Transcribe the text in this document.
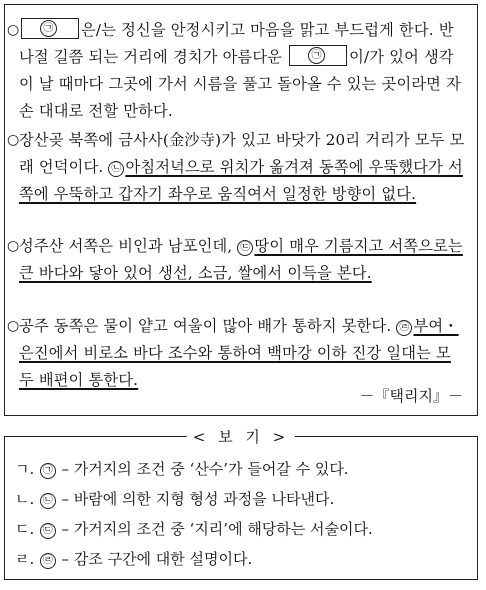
○	㉠ 은/는 정신을 안정시키고 마음을 맑고 부드럽게 한다. 반나절 길쯤 되는 거리에 경치가 아름다운	㉠ 이/가 있어 생각이 날 때마다 그곳에 가서 시름을 풀고 돌아올 수 있는 곳이라면 자손 대대로 전할 만하다.

○ 장산곶 북쪽에 금사사(金沙寺)가 있고 바닷가 20리 거리가 모두 모래 언덕이다. ㉡ 아침저녁으로 위치가 옮겨져 동쪽에 우뚝했다가 서쪽에 우뚝하고 갑자기 좌우로 움직여서 일정한 방향이 없다.

○ 성주산 서쪽은 비인과 남포인데, ㉢ 땅이 매우 기름지고 서쪽으로는 큰 바다와 닿아 있어 생선, 소금, 쌀에서 이득을 본다.

○ 공주 동쪽은 물이 얕고 여울이 많아 배가 통하지 못한다. ㉣ 부여・은진에서 비로소 바다 조수와 통하여 백마강 이하 진강 일대는 모두 배편이 통한다.

－『택리지』－
< 보 기 >
ㄱ. ㉠ – 가거지의 조건 중 ‘산수’가 들어갈 수 있다.
ㄴ. ㉡ – 바람에 의한 지형 형성 과정을 나타낸다.
ㄷ. ㉢ – 가거지의 조건 중 ‘지리’에 해당하는 서술이다.
ㄹ. ㉣ – 감조 구간에 대한 설명이다.
